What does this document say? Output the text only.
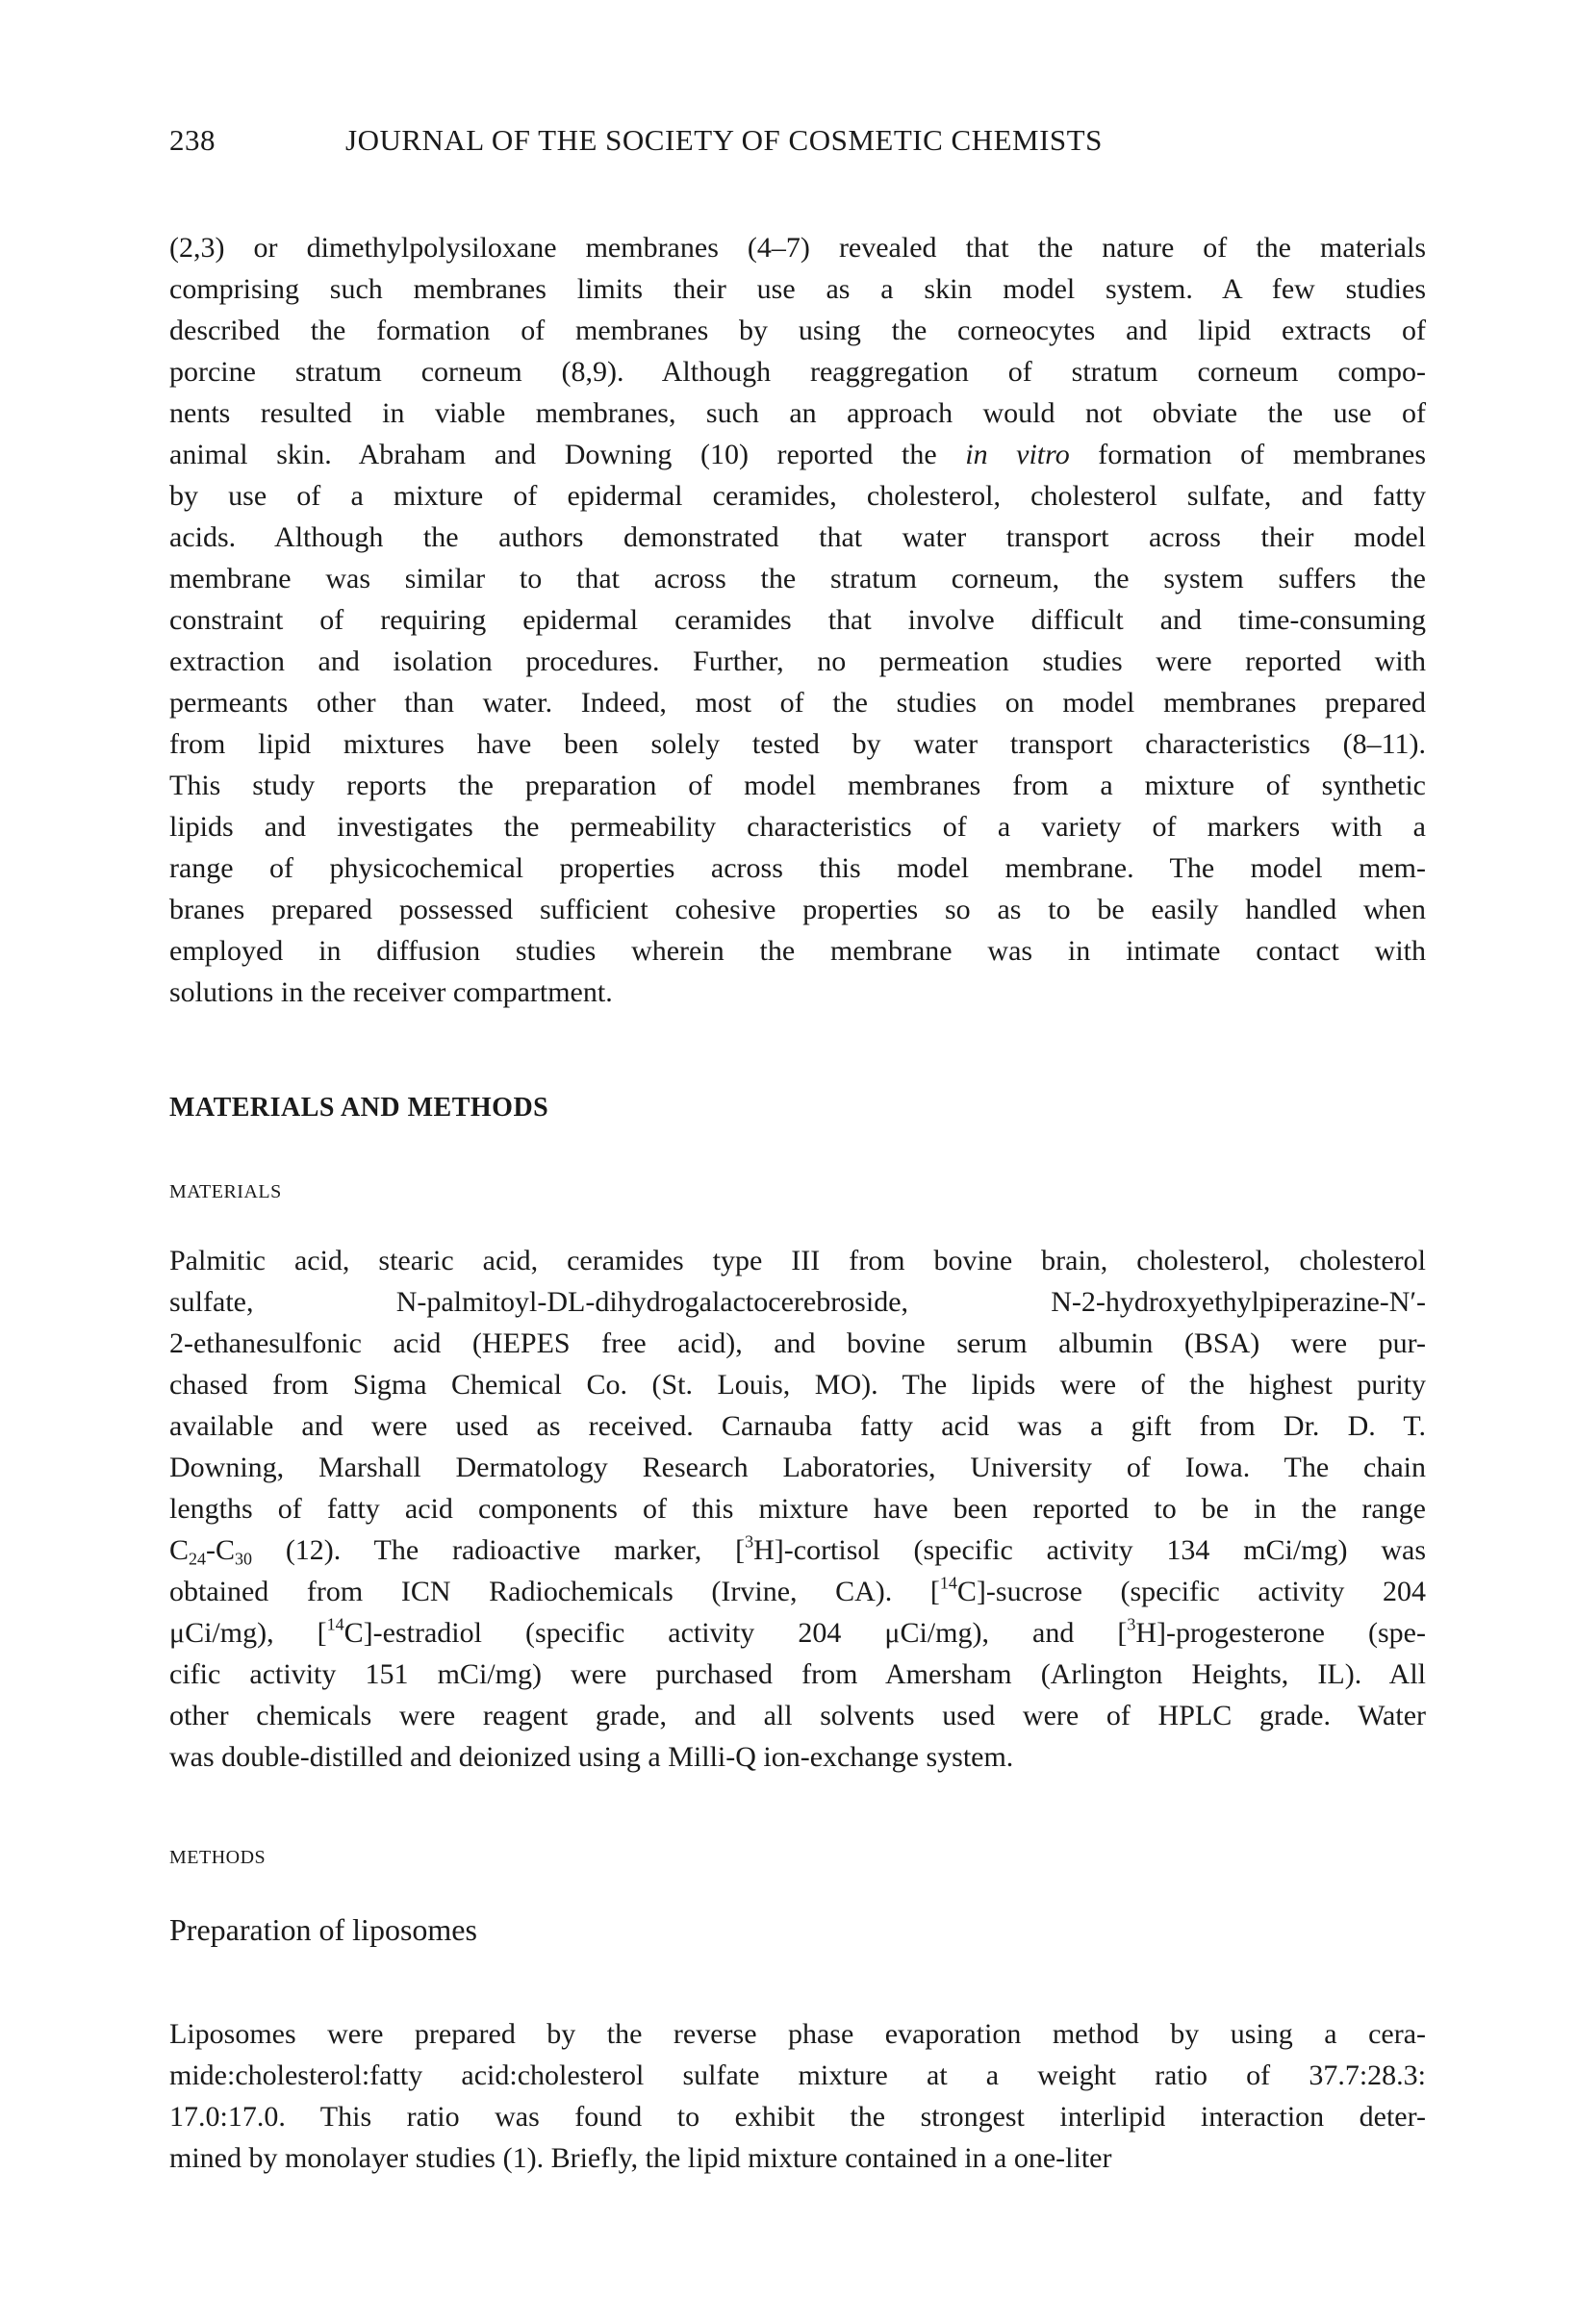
238	JOURNAL OF THE SOCIETY OF COSMETIC CHEMISTS
(2,3) or dimethylpolysiloxane membranes (4–7) revealed that the nature of the materials
comprising such membranes limits their use as a skin model system. A few studies
described the formation of membranes by using the corneocytes and lipid extracts of
porcine stratum corneum (8,9). Although reaggregation of stratum corneum compo-
nents resulted in viable membranes, such an approach would not obviate the use of
animal skin. Abraham and Downing (10) reported the in vitro formation of membranes
by use of a mixture of epidermal ceramides, cholesterol, cholesterol sulfate, and fatty
acids. Although the authors demonstrated that water transport across their model
membrane was similar to that across the stratum corneum, the system suffers the
constraint of requiring epidermal ceramides that involve difficult and time-consuming
extraction and isolation procedures. Further, no permeation studies were reported with
permeants other than water. Indeed, most of the studies on model membranes prepared
from lipid mixtures have been solely tested by water transport characteristics (8–11).
This study reports the preparation of model membranes from a mixture of synthetic
lipids and investigates the permeability characteristics of a variety of markers with a
range of physicochemical properties across this model membrane. The model mem-
branes prepared possessed sufficient cohesive properties so as to be easily handled when
employed in diffusion studies wherein the membrane was in intimate contact with
solutions in the receiver compartment.
MATERIALS AND METHODS
MATERIALS
Palmitic acid, stearic acid, ceramides type III from bovine brain, cholesterol, cholesterol
sulfate, N-palmitoyl-DL-dihydrogalactocerebroside, N-2-hydroxyethylpiperazine-N′-
2-ethanesulfonic acid (HEPES free acid), and bovine serum albumin (BSA) were pur-
chased from Sigma Chemical Co. (St. Louis, MO). The lipids were of the highest purity
available and were used as received. Carnauba fatty acid was a gift from Dr. D. T.
Downing, Marshall Dermatology Research Laboratories, University of Iowa. The chain
lengths of fatty acid components of this mixture have been reported to be in the range
$C_{24}-C_{30}$ (12). The radioactive marker, [$^3$H]-cortisol (specific activity 134 mCi/mg) was
obtained from ICN Radiochemicals (Irvine, CA). [$^{14}$C]-sucrose (specific activity 204
μCi/mg), [$^{14}$C]-estradiol (specific activity 204 μCi/mg), and [$^3$H]-progesterone (spe-
cific activity 151 mCi/mg) were purchased from Amersham (Arlington Heights, IL). All
other chemicals were reagent grade, and all solvents used were of HPLC grade. Water
was double-distilled and deionized using a Milli-Q ion-exchange system.
METHODS
Preparation of liposomes
Liposomes were prepared by the reverse phase evaporation method by using a cera-
mide:cholesterol:fatty acid:cholesterol sulfate mixture at a weight ratio of 37.7:28.3:
17.0:17.0. This ratio was found to exhibit the strongest interlipid interaction deter-
mined by monolayer studies (1). Briefly, the lipid mixture contained in a one-liter
